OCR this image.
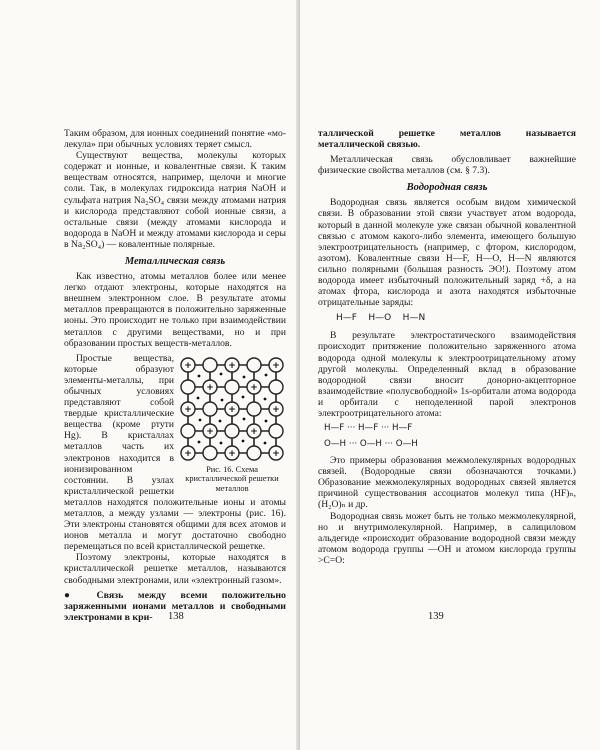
Таким образом, для ионных соединений понятие «мо-лекула» при обычных условиях теряет смысл.

Существуют вещества, молекулы которых содержат и ионные, и ковалентные связи. К таким веществам относятся, например, щелочи и многие соли. Так, в молекулах гидроксида натрия NaOH и сульфата натрия Na₂SO₄ связи между атомами натрия и кислорода представляют собой ионные связи, а остальные связи (между атомами кислорода и водорода в NaOH и между атомами кислорода и серы в Na₂SO₄) — ковалентные полярные.

Металлическая связь

Как известно, атомы металлов более или менее легко отдают электроны, которые находятся на внешнем электронном слое. В результате атомы металлов превращаются в положительно заряженные ионы. Это происходит не только при взаимодействии металлов с другими веществами, но и при образовании простых веществ-металлов.

+	+	+
+	+
+	+	+
+	+
+	+	+
Рис. 16. Схема кристаллической решетки металлов

Простые вещества, которые образуют элементы-металлы, при обычных условиях представляют собой твердые кристаллические вещества (кроме ртути Hg). В кристаллах металлов часть их электронов находится в ионизированном состоянии. В узлах кристаллической решетки металлов находятся положительные ионы и атомы металлов, а между узлами — электроны (рис. 16). Эти электроны становятся общими для всех атомов и ионов металла и могут достаточно свободно перемещаться по всей кристаллической решетке.

Поэтому электроны, которые находятся в кристаллической решетке металлов, называются свободными электронами, или «электронный газом».

● Связь между всеми положительно заряженными ионами металлов и свободными электронами в кри-	138

таллической решетке металлов называется металлической связью.

Металлическая связь обусловливает важнейшие физические свойства металлов (см. § 7.3).

Водородная связь

Водородная связь является особым видом химической связи. В образовании этой связи участвует атом водорода, который в данной молекуле уже связан обычной ковалентной связью с атомом какого-либо элемента, имеющего большую электроотрицательность (например, с фтором, кислородом, азотом). Ковалентные связи H—F, H—O, H—N являются сильно полярными (большая разность ЭО!). Поэтому атом водорода имеет избыточный положительный заряд +δ, а на атомах фтора, кислорода и азота находятся избыточные отрицательные заряды:

H—F    H—O    H—N

В результате электростатического взаимодействия происходит притяжение положительно заряженного атома водорода одной молекулы к электроотрицательному атому другой молекулы. Определенный вклад в образование водородной связи вносит донорно-акцепторное взаимодействие «полусвободной» 1s-орбитали атома водорода и орбитали с неподеленной парой электронов электроотрицательного атома:

H—F ··· H—F ··· H—F
O—H ··· O—H ··· O—H

Это примеры образования межмолекулярных водородных связей. (Водородные связи обозначаются точками.) Образование межмолекулярных водородных связей является причиной существования ассоциатов молекул типа (HF)ₙ, (H₂O)ₙ и др.

Водородная связь может быть не только межмолекулярной, но и внутримолекулярной. Например, в салициловом альдегиде «происходит образование водородной связи между атомом водорода группы —OH и атомом кислорода группы >C=O:

139
